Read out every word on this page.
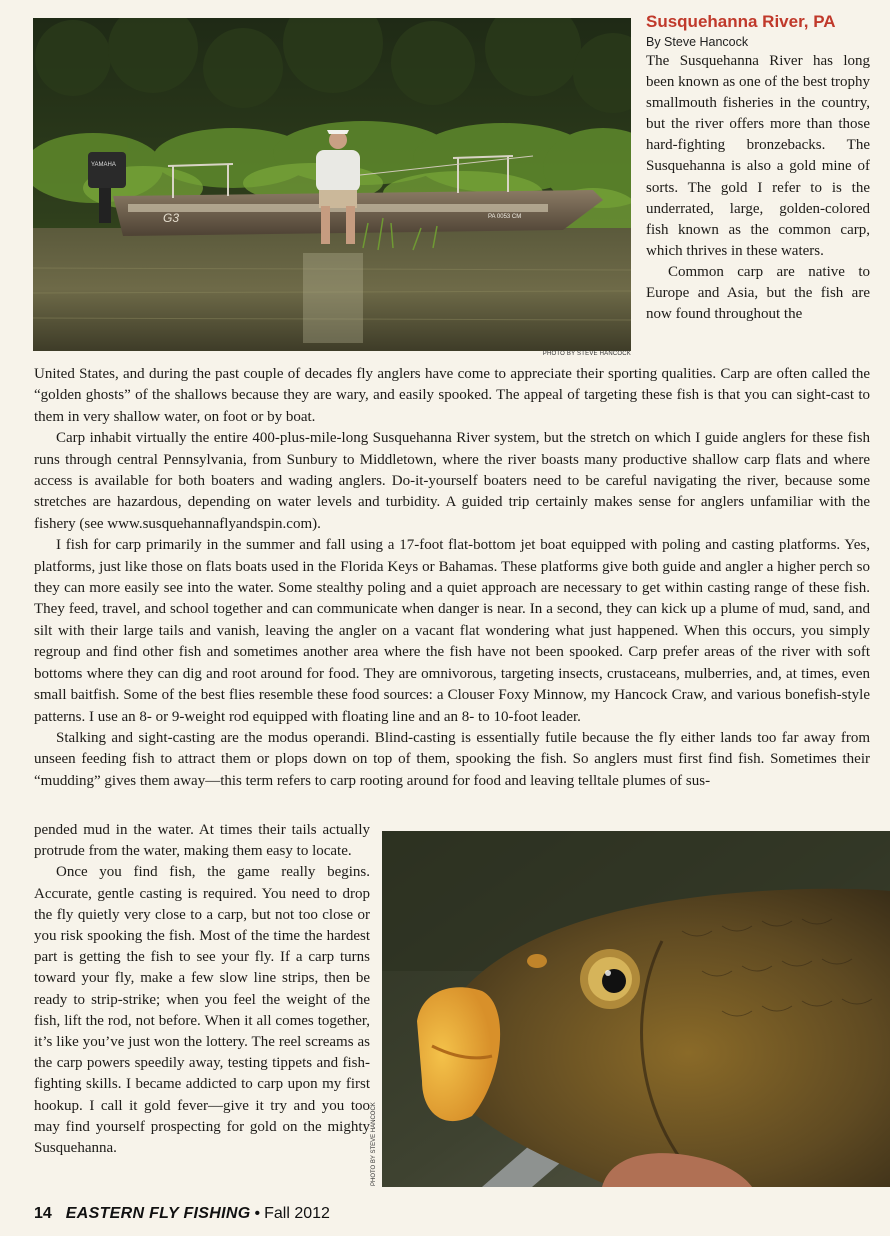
G3	PA 0053 CM
YAMAHA
PHOTO BY STEVE HANCOCK
Susquehanna River, PA
By Steve Hancock

The Susquehanna River has long been known as one of the best trophy smallmouth fisheries in the country, but the river offers more than those hard-fighting bronzebacks. The Susquehanna is also a gold mine of sorts. The gold I refer to is the underrated, large, golden-colored fish known as the common carp, which thrives in these waters.

Common carp are native to Europe and Asia, but the fish are now found throughout the

United States, and during the past couple of decades fly anglers have come to appreciate their sporting qualities. Carp are often called the “golden ghosts” of the shallows because they are wary, and easily spooked. The appeal of targeting these fish is that you can sight-cast to them in very shallow water, on foot or by boat.

Carp inhabit virtually the entire 400-plus-mile-long Susquehanna River system, but the stretch on which I guide anglers for these fish runs through central Pennsylvania, from Sunbury to Middletown, where the river boasts many productive shallow carp flats and where access is available for both boaters and wading anglers. Do-it-yourself boaters need to be careful navigating the river, because some stretches are hazardous, depending on water levels and turbidity. A guided trip certainly makes sense for anglers unfamiliar with the fishery (see www.susquehannaflyandspin.com).

I fish for carp primarily in the summer and fall using a 17-foot flat-bottom jet boat equipped with poling and casting platforms. Yes, platforms, just like those on flats boats used in the Florida Keys or Bahamas. These platforms give both guide and angler a higher perch so they can more easily see into the water. Some stealthy poling and a quiet approach are necessary to get within casting range of these fish. They feed, travel, and school together and can communicate when danger is near. In a second, they can kick up a plume of mud, sand, and silt with their large tails and vanish, leaving the angler on a vacant flat wondering what just happened. When this occurs, you simply regroup and find other fish and sometimes another area where the fish have not been spooked. Carp prefer areas of the river with soft bottoms where they can dig and root around for food. They are omnivorous, targeting insects, crustaceans, mulberries, and, at times, even small baitfish. Some of the best flies resemble these food sources: a Clouser Foxy Minnow, my Hancock Craw, and various bonefish-style patterns. I use an 8- or 9-weight rod equipped with floating line and an 8- to 10-foot leader.

Stalking and sight-casting are the modus operandi. Blind-casting is essentially futile because the fly either lands too far away from unseen feeding fish to attract them or plops down on top of them, spooking the fish. So anglers must first find fish. Sometimes their “mudding” gives them away—this term refers to carp rooting around for food and leaving telltale plumes of sus-

pended mud in the water. At times their tails actually protrude from the water, making them easy to locate.

Once you find fish, the game really begins. Accurate, gentle casting is required. You need to drop the fly quietly very close to a carp, but not too close or you risk spooking the fish. Most of the time the hardest part is getting the fish to see your fly. If a carp turns toward your fly, make a few slow line strips, then be ready to strip-strike; when you feel the weight of the fish, lift the rod, not before. When it all comes together, it’s like you’ve just won the lottery. The reel screams as the carp powers speedily away, testing tippets and fish-fighting skills. I became addicted to carp upon my first hookup. I call it gold fever—give it try and you too may find yourself prospecting for gold on the mighty Susquehanna.	PHOTO BY STEVE HANCOCK
14 EASTERN FLY FISHING • Fall 2012
